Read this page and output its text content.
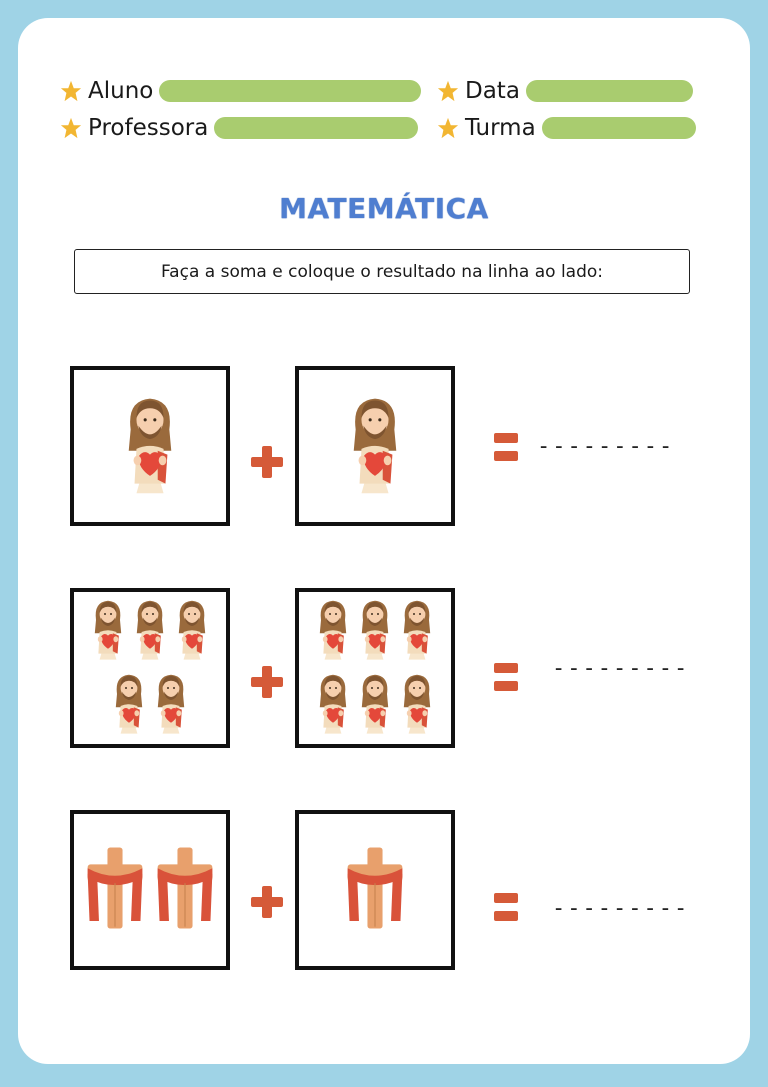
Aluno	Data
Professora	Turma
MATEMÁTICA
Faça a soma e coloque o resultado na linha ao lado:
---------
---------
---------
